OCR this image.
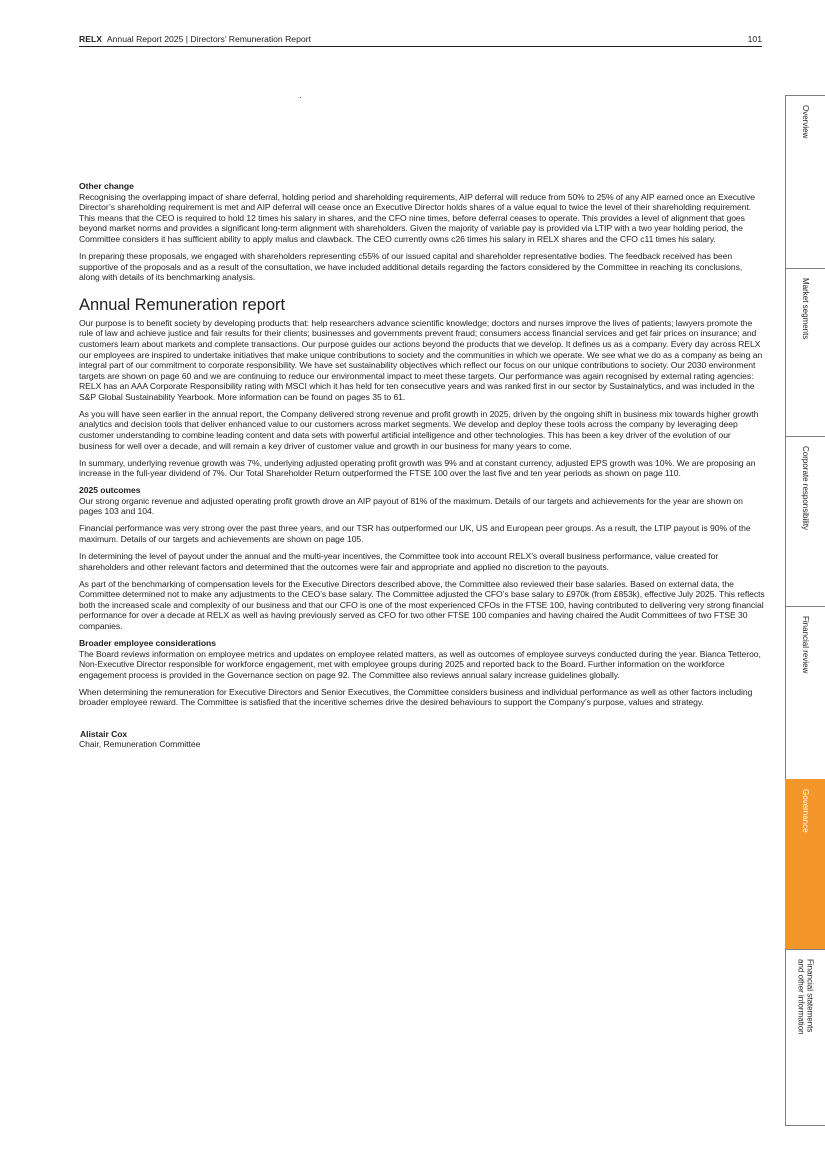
RELX Annual Report 2025 | Directors’ Remuneration Report	101

Other change

Recognising the overlapping impact of share deferral, holding period and shareholding requirements, AIP deferral will reduce from 50% to 25% of any AIP earned once an Executive Director’s shareholding requirement is met and AIP deferral will cease once an Executive Director holds shares of a value equal to twice the level of their shareholding requirement. This means that the CEO is required to hold 12 times his salary in shares, and the CFO nine times, before deferral ceases to operate. This provides a level of alignment that goes beyond market norms and provides a significant long-term alignment with shareholders. Given the majority of variable pay is provided via LTIP with a two year holding period, the Committee considers it has sufficient ability to apply malus and clawback. The CEO currently owns c26 times his salary in RELX shares and the CFO c11 times his salary.

In preparing these proposals, we engaged with shareholders representing c55% of our issued capital and shareholder representative bodies. The feedback received has been supportive of the proposals and as a result of the consultation, we have included additional details regarding the factors considered by the Committee in reaching its conclusions, along with details of its benchmarking analysis.

Annual Remuneration report

Our purpose is to benefit society by developing products that: help researchers advance scientific knowledge; doctors and nurses improve the lives of patients; lawyers promote the rule of law and achieve justice and fair results for their clients; businesses and governments prevent fraud; consumers access financial services and get fair prices on insurance; and customers learn about markets and complete transactions. Our purpose guides our actions beyond the products that we develop. It defines us as a company. Every day across RELX our employees are inspired to undertake initiatives that make unique contributions to society and the communities in which we operate. We see what we do as a company as being an integral part of our commitment to corporate responsibility. We have set sustainability objectives which reflect our focus on our unique contributions to society. Our 2030 environment targets are shown on page 60 and we are continuing to reduce our environmental impact to meet these targets. Our performance was again recognised by external rating agencies: RELX has an AAA Corporate Responsibility rating with MSCI which it has held for ten consecutive years and was ranked first in our sector by Sustainalytics, and was included in the S&P Global Sustainability Yearbook. More information can be found on pages 35 to 61.

As you will have seen earlier in the annual report, the Company delivered strong revenue and profit growth in 2025, driven by the ongoing shift in business mix towards higher growth analytics and decision tools that deliver enhanced value to our customers across market segments. We develop and deploy these tools across the company by leveraging deep customer understanding to combine leading content and data sets with powerful artificial intelligence and other technologies. This has been a key driver of the evolution of our business for well over a decade, and will remain a key driver of customer value and growth in our business for many years to come.

In summary, underlying revenue growth was 7%, underlying adjusted operating profit growth was 9% and at constant currency, adjusted EPS growth was 10%. We are proposing an increase in the full-year dividend of 7%. Our Total Shareholder Return outperformed the FTSE 100 over the last five and ten year periods as shown on page 110.

2025 outcomes

Our strong organic revenue and adjusted operating profit growth drove an AIP payout of 81% of the maximum. Details of our targets and achievements for the year are shown on pages 103 and 104.

Financial performance was very strong over the past three years, and our TSR has outperformed our UK, US and European peer groups. As a result, the LTIP payout is 90% of the maximum. Details of our targets and achievements are shown on page 105.

In determining the level of payout under the annual and the multi-year incentives, the Committee took into account RELX’s overall business performance, value created for shareholders and other relevant factors and determined that the outcomes were fair and appropriate and applied no discretion to the payouts.

As part of the benchmarking of compensation levels for the Executive Directors described above, the Committee also reviewed their base salaries. Based on external data, the Committee determined not to make any adjustments to the CEO’s base salary. The Committee adjusted the CFO’s base salary to £970k (from £853k), effective July 2025. This reflects both the increased scale and complexity of our business and that our CFO is one of the most experienced CFOs in the FTSE 100, having contributed to delivering very strong financial performance for over a decade at RELX as well as having previously served as CFO for two other FTSE 100 companies and having chaired the Audit Committees of two FTSE 30 companies.

Broader employee considerations

The Board reviews information on employee metrics and updates on employee related matters, as well as outcomes of employee surveys conducted during the year. Bianca Tetteroo, Non-Executive Director responsible for workforce engagement, met with employee groups during 2025 and reported back to the Board. Further information on the workforce engagement process is provided in the Governance section on page 92. The Committee also reviews annual salary increase guidelines globally.

When determining the remuneration for Executive Directors and Senior Executives, the Committee considers business and individual performance as well as other factors including broader employee reward. The Committee is satisfied that the incentive schemes drive the desired behaviours to support the Company’s purpose, values and strategy.

Alistair Cox
Chair, Remuneration Committee
Overview
Market segments
Corporate responsibility
Financial review
Governance
Financial statements
and other information
